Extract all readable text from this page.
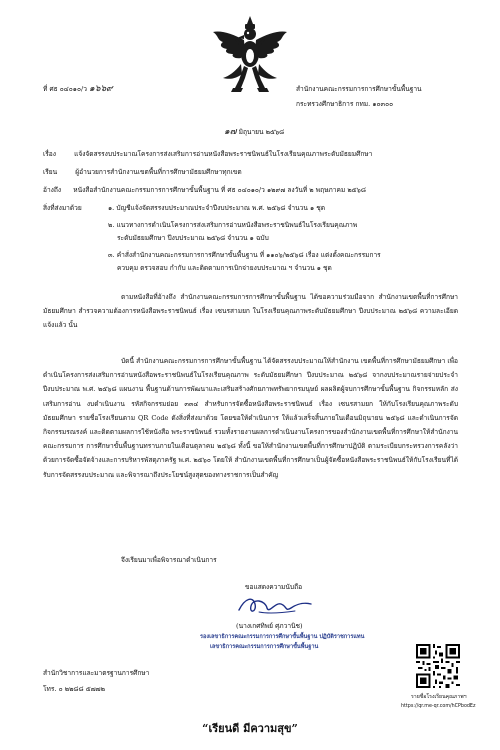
ที่ ศธ ๐๔๐๑๐/ว ๑๖๖๙	สำนักงานคณะกรรมการการศึกษาขั้นพื้นฐาน
กระทรวงศึกษาธิการ กทม. ๑๐๓๐๐
๑๗ มิถุนายน ๒๕๖๘
เรื่อง	แจ้งจัดสรรงบประมาณโครงการส่งเสริมการอ่านหนังสือพระราชนิพนธ์ในโรงเรียนคุณภาพระดับมัธยมศึกษา
เรียน	ผู้อำนวยการสำนักงานเขตพื้นที่การศึกษามัธยมศึกษาทุกเขต
อ้างถึง หนังสือสำนักงานคณะกรรมการการศึกษาขั้นพื้นฐาน ที่ ศธ ๐๔๐๑๐/ว ๑๒๙๗ ลงวันที่ ๒ พฤษภาคม ๒๕๖๘
สิ่งที่ส่งมาด้วย	๑. บัญชีแจ้งจัดสรรงบประมาณประจำปีงบประมาณ พ.ศ. ๒๕๖๘ จำนวน ๑ ชุด
๒. แนวทางการดำเนินโครงการส่งเสริมการอ่านหนังสือพระราชนิพนธ์ในโรงเรียนคุณภาพ
ระดับมัธยมศึกษา ปีงบประมาณ ๒๕๖๘ จำนวน ๑ ฉบับ
๓. คำสั่งสำนักงานคณะกรรมการการศึกษาขั้นพื้นฐาน ที่ ๑๑๐๖/๒๕๖๘ เรื่อง แต่งตั้งคณะกรรมการ
ควบคุม ตรวจสอบ กำกับ และติดตามการเบิกจ่ายงบประมาณ ฯ จำนวน ๑ ชุด
ตามหนังสือที่อ้างถึง สำนักงานคณะกรรมการการศึกษาขั้นพื้นฐาน ได้ขอความร่วมมือจาก สำนักงานเขตพื้นที่การศึกษามัธยมศึกษา สำรวจความต้องการหนังสือพระราชนิพนธ์ เรื่อง เซนรสามยก ในโรงเรียนคุณภาพระดับมัธยมศึกษา ปีงบประมาณ ๒๕๖๘ ความละเอียดแจ้งแล้ว นั้น
บัดนี้ สำนักงานคณะกรรมการการศึกษาขั้นพื้นฐาน ได้จัดสรรงบประมาณให้สำนักงาน เขตพื้นที่การศึกษามัธยมศึกษา เพื่อดำเนินโครงการส่งเสริมการอ่านหนังสือพระราชนิพนธ์ในโรงเรียนคุณภาพ ระดับมัธยมศึกษา ปีงบประมาณ ๒๕๖๘ จากงบประมาณรายจ่ายประจำปีงบประมาณ พ.ศ. ๒๕๖๘ แผนงาน พื้นฐานด้านการพัฒนาและเสริมสร้างศักยภาพทรัพยากรมนุษย์ ผลผลิตผู้จบการศึกษาขั้นพื้นฐาน กิจกรรมหลัก ส่งเสริมการอ่าน งบดำเนินงาน รหัสกิจกรรมย่อย ๓๓๔ สำหรับการจัดซื้อหนังสือพระราชนิพนธ์ เรื่อง เซนรสามยก ให้กับโรงเรียนคุณภาพระดับมัธยมศึกษา รายชื่อโรงเรียนตาม QR Code ดังสิ่งที่ส่งมาด้วย โดยขอให้ดำเนินการ ให้แล้วเสร็จสิ้นภายในเดือนมิถุนายน ๒๕๖๘ และดำเนินการจัดกิจกรรมรณรงค์ และติดตามผลการใช้หนังสือ พระราชนิพนธ์ รวมทั้งรายงานผลการดำเนินงานโครงการของสำนักงานเขตพื้นที่การศึกษาให้สำนักงานคณะกรรมการ การศึกษาขั้นพื้นฐานทราบภายในเดือนตุลาคม ๒๕๖๘ ทั้งนี้ ขอให้สำนักงานเขตพื้นที่การศึกษาปฏิบัติ ตามระเบียบกระทรวงการคลังว่าด้วยการจัดซื้อจัดจ้างและการบริหารพัสดุภาครัฐ พ.ศ. ๒๕๖๐ โดยให้ สำนักงานเขตพื้นที่การศึกษาเป็นผู้จัดซื้อหนังสือพระราชนิพนธ์ให้กับโรงเรียนที่ได้รับการจัดสรรงบประมาณ และพิจารณาถึงประโยชน์สูงสุดของทางราชการเป็นสำคัญ
จึงเรียนมาเพื่อพิจารณาดำเนินการ
ขอแสดงความนับถือ
(นางเกศทิพย์ ศุภวานิช)
รองเลขาธิการคณะกรรมการการศึกษาขั้นพื้นฐาน ปฏิบัติราชการแทน
เลขาธิการคณะกรรมการการศึกษาขั้นพื้นฐาน
สำนักวิชาการและมาตรฐานการศึกษา
โทร. ๐ ๒๒๘๘ ๕๗๗๒
รายชื่อโรงเรียนคุณภาพฯ
https://qr.me-qr.com/hCPbodEz
“เรียนดี มีความสุข”
